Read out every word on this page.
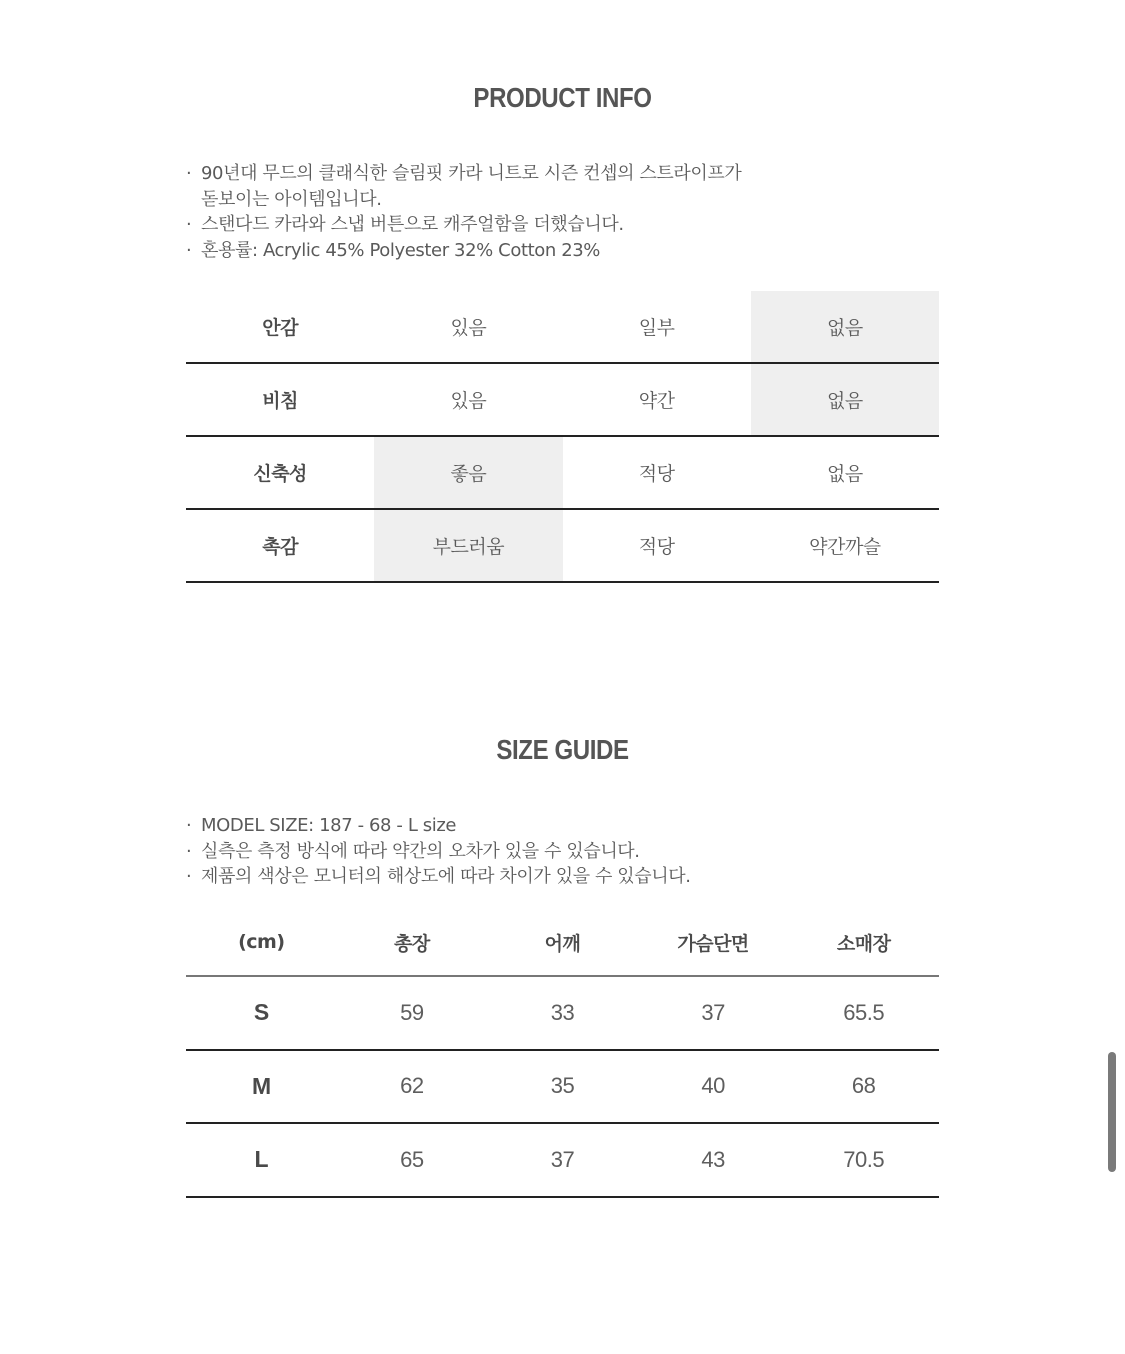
PRODUCT INFO
· 90년대 무드의 클래식한 슬림핏 카라 니트로 시즌 컨셉의 스트라이프가
돋보이는 아이템입니다.
· 스탠다드 카라와 스냅 버튼으로 캐주얼함을 더했습니다.
· 혼용률: Acrylic 45% Polyester 32% Cotton 23%
안감	있음	일부	없음
비침	있음	약간	없음
신축성	좋음	적당	없음
촉감	부드러움	적당	약간까슬
SIZE GUIDE
· MODEL SIZE: 187 - 68 - L size
· 실측은 측정 방식에 따라 약간의 오차가 있을 수 있습니다.
· 제품의 색상은 모니터의 해상도에 따라 차이가 있을 수 있습니다.
(cm)	총장	어깨	가슴단면	소매장
S	59	33	37	65.5
M	62	35	40	68
L	65	37	43	70.5
